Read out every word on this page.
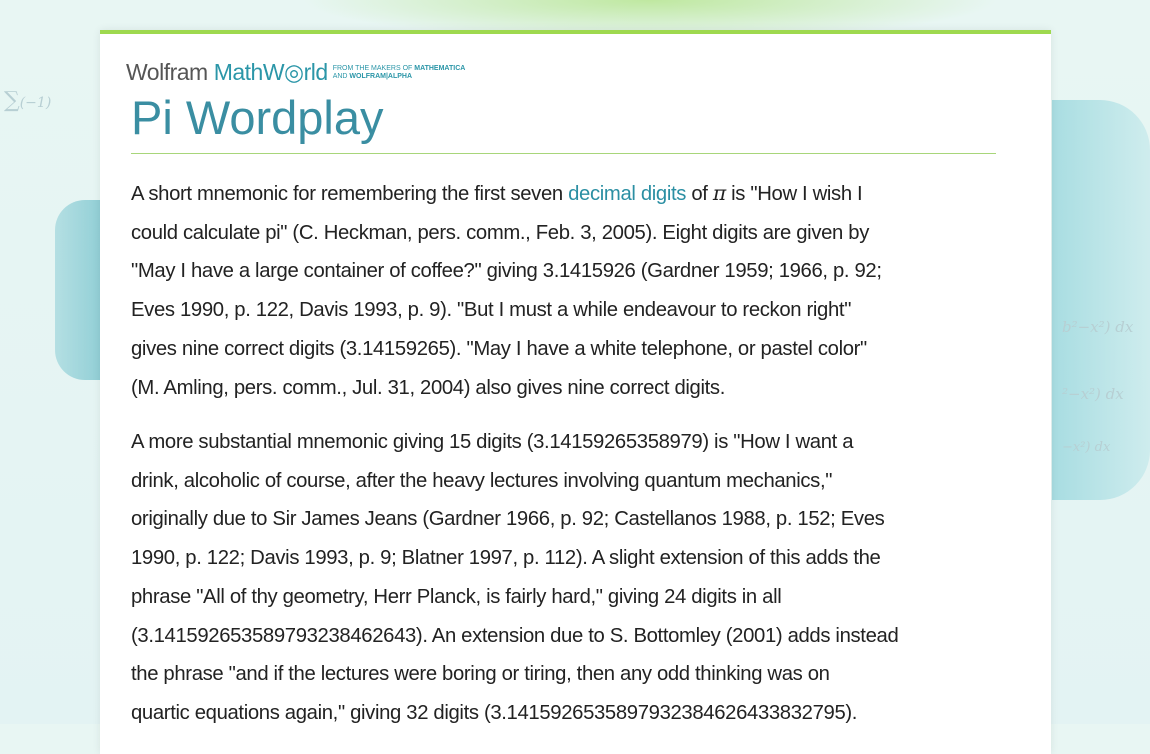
∑(−1)
b²−x²) dx
²−x²) dx
−x²) dx
Wolfram MathW◎rld FROM THE MAKERS OF MATHEMATICA
AND WOLFRAM|ALPHA
Pi Wordplay
A short mnemonic for remembering the first seven decimal digits of π is "How I wish I
could calculate pi" (C. Heckman, pers. comm., Feb. 3, 2005). Eight digits are given by
"May I have a large container of coffee?" giving 3.1415926 (Gardner 1959; 1966, p. 92;
Eves 1990, p. 122, Davis 1993, p. 9). "But I must a while endeavour to reckon right"
gives nine correct digits (3.14159265). "May I have a white telephone, or pastel color"
(M. Amling, pers. comm., Jul. 31, 2004) also gives nine correct digits.
A more substantial mnemonic giving 15 digits (3.14159265358979) is "How I want a
drink, alcoholic of course, after the heavy lectures involving quantum mechanics,"
originally due to Sir James Jeans (Gardner 1966, p. 92; Castellanos 1988, p. 152; Eves
1990, p. 122; Davis 1993, p. 9; Blatner 1997, p. 112). A slight extension of this adds the
phrase "All of thy geometry, Herr Planck, is fairly hard," giving 24 digits in all
(3.141592653589793238462643). An extension due to S. Bottomley (2001) adds instead
the phrase "and if the lectures were boring or tiring, then any odd thinking was on
quartic equations again," giving 32 digits (3.1415926535897932384626433832795).
